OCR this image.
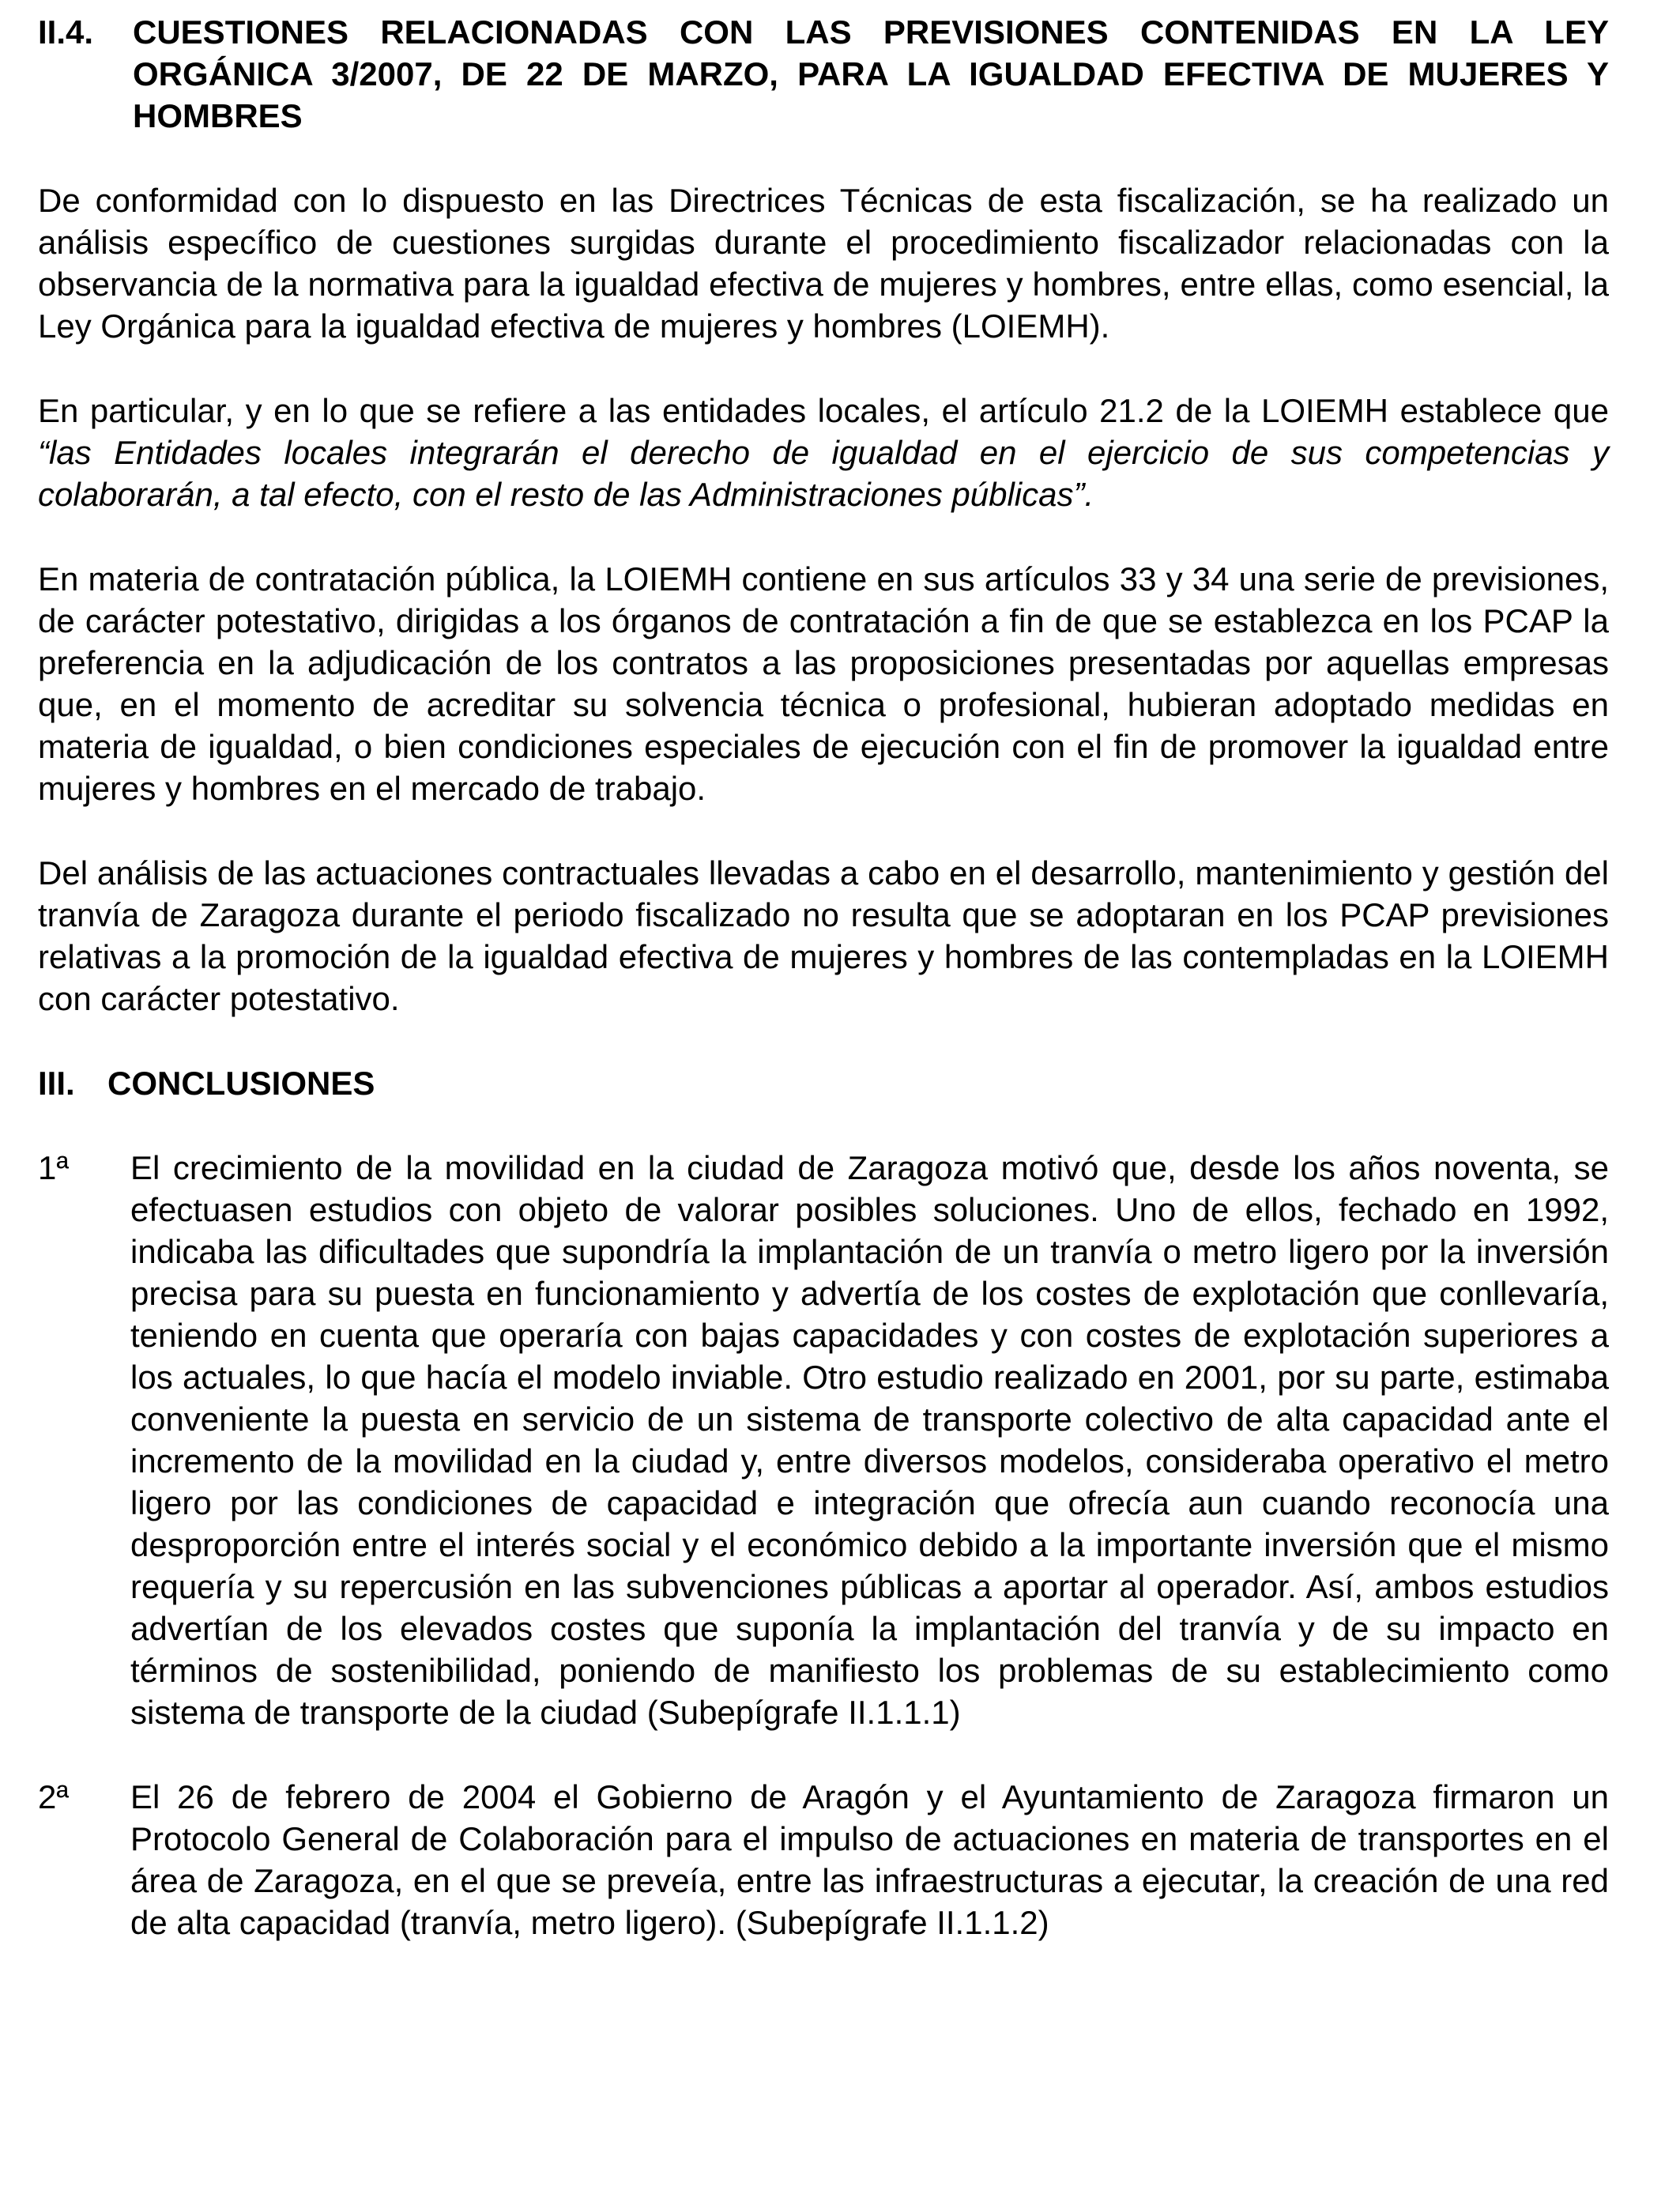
II.4.	CUESTIONES RELACIONADAS CON LAS PREVISIONES CONTENIDAS EN LA LEY ORGÁNICA 3/2007, DE 22 DE MARZO, PARA LA IGUALDAD EFECTIVA DE MUJERES Y HOMBRES

De conformidad con lo dispuesto en las Directrices Técnicas de esta fiscalización, se ha realizado un análisis específico de cuestiones surgidas durante el procedimiento fiscalizador relacionadas con la observancia de la normativa para la igualdad efectiva de mujeres y hombres, entre ellas, como esencial, la Ley Orgánica para la igualdad efectiva de mujeres y hombres (LOIEMH).

En particular, y en lo que se refiere a las entidades locales, el artículo 21.2 de la LOIEMH establece que “las Entidades locales integrarán el derecho de igualdad en el ejercicio de sus competencias y colaborarán, a tal efecto, con el resto de las Administraciones públicas”.

En materia de contratación pública, la LOIEMH contiene en sus artículos 33 y 34 una serie de previsiones, de carácter potestativo, dirigidas a los órganos de contratación a fin de que se establezca en los PCAP la preferencia en la adjudicación de los contratos a las proposiciones presentadas por aquellas empresas que, en el momento de acreditar su solvencia técnica o profesional, hubieran adoptado medidas en materia de igualdad, o bien condiciones especiales de ejecución con el fin de promover la igualdad entre mujeres y hombres en el mercado de trabajo.

Del análisis de las actuaciones contractuales llevadas a cabo en el desarrollo, mantenimiento y gestión del tranvía de Zaragoza durante el periodo fiscalizado no resulta que se adoptaran en los PCAP previsiones relativas a la promoción de la igualdad efectiva de mujeres y hombres de las contempladas en la LOIEMH con carácter potestativo.

III. CONCLUSIONES
1ª	El crecimiento de la movilidad en la ciudad de Zaragoza motivó que, desde los años noventa, se efectuasen estudios con objeto de valorar posibles soluciones. Uno de ellos, fechado en 1992, indicaba las dificultades que supondría la implantación de un tranvía o metro ligero por la inversión precisa para su puesta en funcionamiento y advertía de los costes de explotación que conllevaría, teniendo en cuenta que operaría con bajas capacidades y con costes de explotación superiores a los actuales, lo que hacía el modelo inviable. Otro estudio realizado en 2001, por su parte, estimaba conveniente la puesta en servicio de un sistema de transporte colectivo de alta capacidad ante el incremento de la movilidad en la ciudad y, entre diversos modelos, consideraba operativo el metro ligero por las condiciones de capacidad e integración que ofrecía aun cuando reconocía una desproporción entre el interés social y el económico debido a la importante inversión que el mismo requería y su repercusión en las subvenciones públicas a aportar al operador. Así, ambos estudios advertían de los elevados costes que suponía la implantación del tranvía y de su impacto en términos de sostenibilidad, poniendo de manifiesto los problemas de su establecimiento como sistema de transporte de la ciudad (Subepígrafe II.1.1.1)
2ª	El 26 de febrero de 2004 el Gobierno de Aragón y el Ayuntamiento de Zaragoza firmaron un Protocolo General de Colaboración para el impulso de actuaciones en materia de transportes en el área de Zaragoza, en el que se preveía, entre las infraestructuras a ejecutar, la creación de una red de alta capacidad (tranvía, metro ligero). (Subepígrafe II.1.1.2)
